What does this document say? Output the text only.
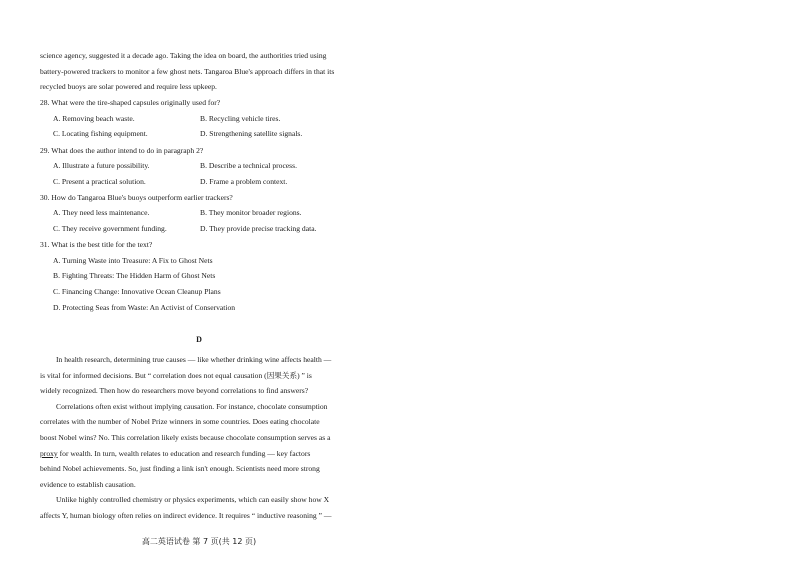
science agency, suggested it a decade ago. Taking the idea on board, the authorities tried using

battery-powered trackers to monitor a few ghost nets. Tangaroa Blue's approach differs in that its

recycled buoys are solar powered and require less upkeep.

28. What were the tire-shaped capsules originally used for?

A. Removing beach waste.	B. Recycling vehicle tires.
C. Locating fishing equipment.	D. Strengthening satellite signals.

29. What does the author intend to do in paragraph 2?

A. Illustrate a future possibility.	B. Describe a technical process.
C. Present a practical solution.	D. Frame a problem context.

30. How do Tangaroa Blue's buoys outperform earlier trackers?

A. They need less maintenance.	B. They monitor broader regions.
C. They receive government funding.	D. They provide precise tracking data.

31. What is the best title for the text?

A. Turning Waste into Treasure: A Fix to Ghost Nets
B. Fighting Threats: The Hidden Harm of Ghost Nets
C. Financing Change: Innovative Ocean Cleanup Plans
D. Protecting Seas from Waste: An Activist of Conservation
D

In health research, determining true causes — like whether drinking wine affects health —

is vital for informed decisions. But “ correlation does not equal causation (因果关系) ” is

widely recognized. Then how do researchers move beyond correlations to find answers?

Correlations often exist without implying causation. For instance, chocolate consumption

correlates with the number of Nobel Prize winners in some countries. Does eating chocolate

boost Nobel wins? No. This correlation likely exists because chocolate consumption serves as a

proxy for wealth. In turn, wealth relates to education and research funding — key factors

behind Nobel achievements. So, just finding a link isn't enough. Scientists need more strong

evidence to establish causation.

Unlike highly controlled chemistry or physics experiments, which can easily show how X

affects Y, human biology often relies on indirect evidence. It requires “ inductive reasoning ” —

高二英语试卷 第 7 页(共 12 页)
